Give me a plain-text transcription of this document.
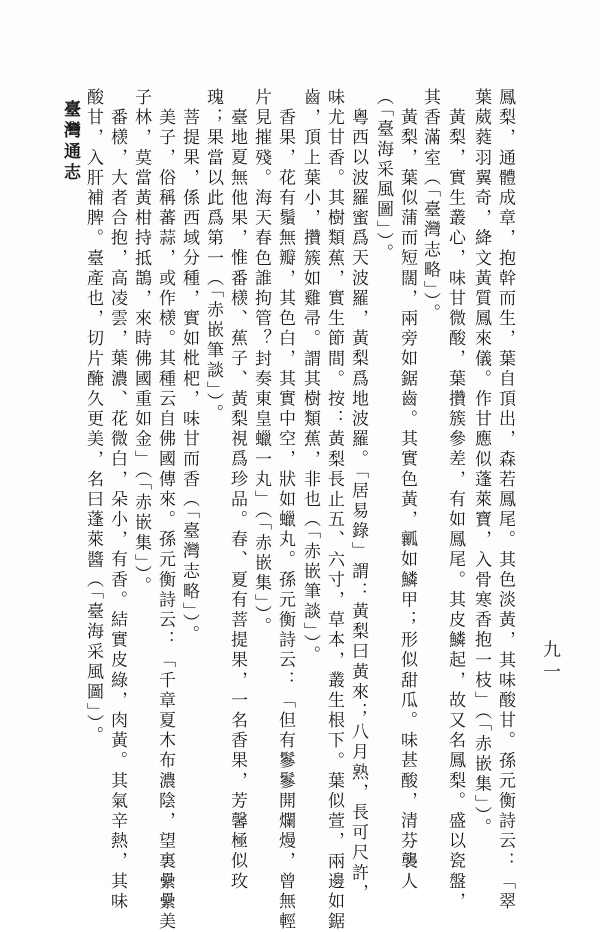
鳳梨，通體成章，抱幹而生，葉自頂出，森若鳳尾。其色淡黃，其味酸甘。孫元衡詩云：「翠
葉葳蕤羽翼奇，絳文黃質鳳來儀。作甘應似蓬萊寶，入骨寒香抱一枝」（「赤嵌集」）。
黃梨，實生叢心，味甘微酸，葉攢簇參差，有如鳳尾。其皮鱗起，故又名鳳梨。盛以瓷盤，
其香滿室（「臺灣志略」）。
黃梨，葉似蒲而短闊，兩旁如鋸齒。其實色黃，瓤如鱗甲；形似甜瓜。味甚酸，清芬襲人
（「臺海采風圖」）。
粵西以波羅蜜爲天波羅，黃梨爲地波羅。「居易錄」謂：黃梨曰黃來；八月熟，長可尺許，
味尤甘香。其樹類蕉，實生節間。按：黃梨長止五、六寸，草本，叢生根下。葉似萱，兩邊如鋸
齒，頂上葉小，攢簇如雞帚。謂其樹類蕉，非也（「赤嵌筆談」）。
香果，花有鬚無瓣，其色白，其實中空，狀如蠟丸。孫元衡詩云：「但有鬖鬖開爛熳，曾無輕
片見摧殘。海天春色誰拘管？封奏東皇蠟一丸」（「赤嵌集」）。
臺地夏無他果，惟番檨、蕉子、黃梨視爲珍品。春、夏有菩提果，一名香果，芳馨極似玫
瑰；果當以此爲第一（「赤嵌筆談」）。
菩提果，係西域分種，實如枇杷，味甘而香（「臺灣志略」）。
美子，俗稱蕃蒜，或作檨。其種云自佛國傳來。孫元衡詩云：「千章夏木布濃陰，望裏纍纍美
子林，莫當黃柑持抵鵲，來時佛國重如金」（「赤嵌集」）。
番檨，大者合抱，高凌雲，葉濃、花微白，朵小，有香。結實皮綠，肉黃。其氣辛熱，其味
酸甘，入肝補脾。臺產也，切片醃久更美，名曰蓬萊醬（「臺海采風圖」）。
臺灣通志
九一
